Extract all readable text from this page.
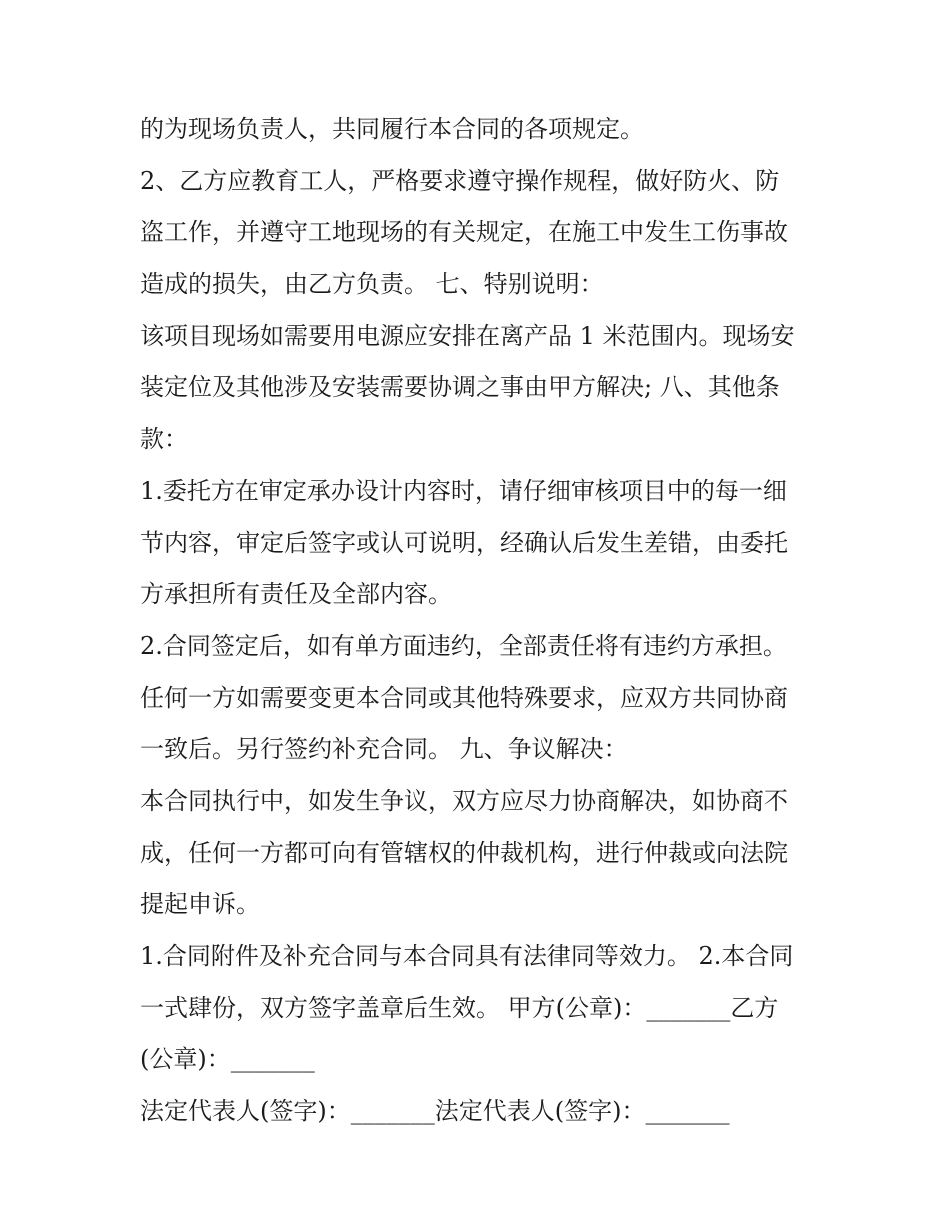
的为现场负责人，共同履行本合同的各项规定。
2、乙方应教育工人，严格要求遵守操作规程，做好防火、防
盗工作，并遵守工地现场的有关规定，在施工中发生工伤事故
造成的损失，由乙方负责。 七、特别说明：
该项目现场如需要用电源应安排在离产品 1 米范围内。现场安
装定位及其他涉及安装需要协调之事由甲方解决; 八、其他条
款：
1.委托方在审定承办设计内容时，请仔细审核项目中的每一细
节内容，审定后签字或认可说明，经确认后发生差错，由委托
方承担所有责任及全部内容。
2.合同签定后，如有单方面违约，全部责任将有违约方承担。
任何一方如需要变更本合同或其他特殊要求，应双方共同协商
一致后。另行签约补充合同。 九、争议解决：
本合同执行中，如发生争议，双方应尽力协商解决，如协商不
成，任何一方都可向有管辖权的仲裁机构，进行仲裁或向法院
提起申诉。
1.合同附件及补充合同与本合同具有法律同等效力。 2.本合同
一式肆份，双方签字盖章后生效。 甲方(公章)：_______乙方
(公章)：_______
法定代表人(签字)：_______法定代表人(签字)：_______
